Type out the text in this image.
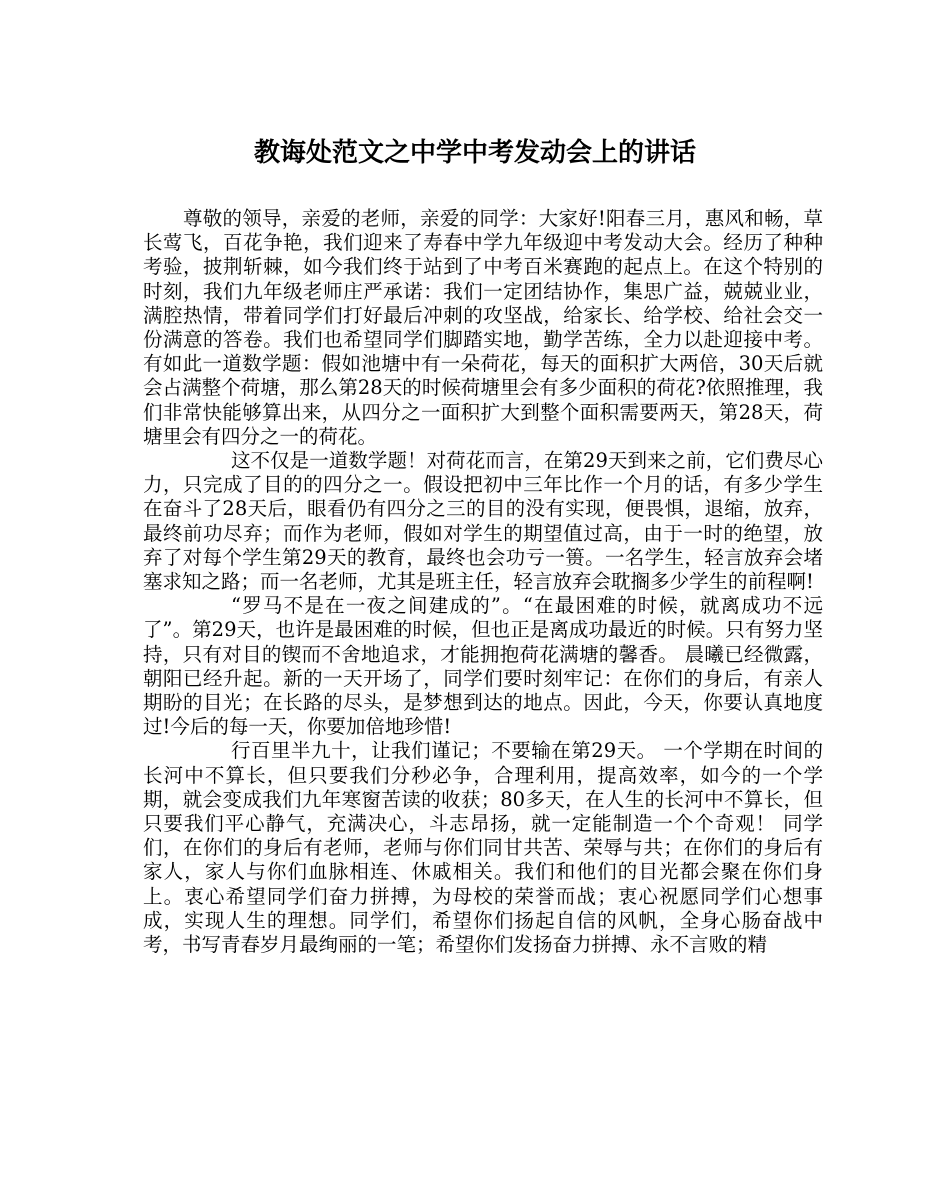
教诲处范文之中学中考发动会上的讲话

尊敬的领导，亲爱的老师，亲爱的同学：大家好!阳春三月，惠风和畅，草长莺飞，百花争艳，我们迎来了寿春中学九年级迎中考发动大会。经历了种种考验，披荆斩棘，如今我们终于站到了中考百米赛跑的起点上。在这个特别的时刻，我们九年级老师庄严承诺：我们一定团结协作，集思广益，兢兢业业，满腔热情，带着同学们打好最后冲刺的攻坚战，给家长、给学校、给社会交一份满意的答卷。我们也希望同学们脚踏实地，勤学苦练，全力以赴迎接中考。有如此一道数学题：假如池塘中有一朵荷花，每天的面积扩大两倍，30天后就会占满整个荷塘，那么第28天的时候荷塘里会有多少面积的荷花?依照推理，我们非常快能够算出来，从四分之一面积扩大到整个面积需要两天，第28天，荷塘里会有四分之一的荷花。

这不仅是一道数学题！对荷花而言，在第29天到来之前，它们费尽心力，只完成了目的的四分之一。假设把初中三年比作一个月的话，有多少学生在奋斗了28天后，眼看仍有四分之三的目的没有实现，便畏惧，退缩，放弃，最终前功尽弃；而作为老师，假如对学生的期望值过高，由于一时的绝望，放弃了对每个学生第29天的教育，最终也会功亏一篑。一名学生，轻言放弃会堵塞求知之路；而一名老师，尤其是班主任，轻言放弃会耽搁多少学生的前程啊!

“罗马不是在一夜之间建成的”。“在最困难的时候，就离成功不远了”。第29天，也许是最困难的时候，但也正是离成功最近的时候。只有努力坚持，只有对目的锲而不舍地追求，才能拥抱荷花满塘的馨香。 晨曦已经微露，朝阳已经升起。新的一天开场了，同学们要时刻牢记：在你们的身后，有亲人期盼的目光；在长路的尽头，是梦想到达的地点。因此，今天，你要认真地度过!今后的每一天，你要加倍地珍惜!

行百里半九十，让我们谨记；不要输在第29天。 一个学期在时间的长河中不算长，但只要我们分秒必争，合理利用，提高效率，如今的一个学期，就会变成我们九年寒窗苦读的收获；80多天，在人生的长河中不算长，但只要我们平心静气，充满决心，斗志昂扬，就一定能制造一个个奇观！ 同学们，在你们的身后有老师，老师与你们同甘共苦、荣辱与共；在你们的身后有家人，家人与你们血脉相连、休戚相关。我们和他们的目光都会聚在你们身上。衷心希望同学们奋力拼搏，为母校的荣誉而战；衷心祝愿同学们心想事成，实现人生的理想。同学们，希望你们扬起自信的风帆，全身心肠奋战中考，书写青春岁月最绚丽的一笔；希望你们发扬奋力拼搏、永不言败的精
